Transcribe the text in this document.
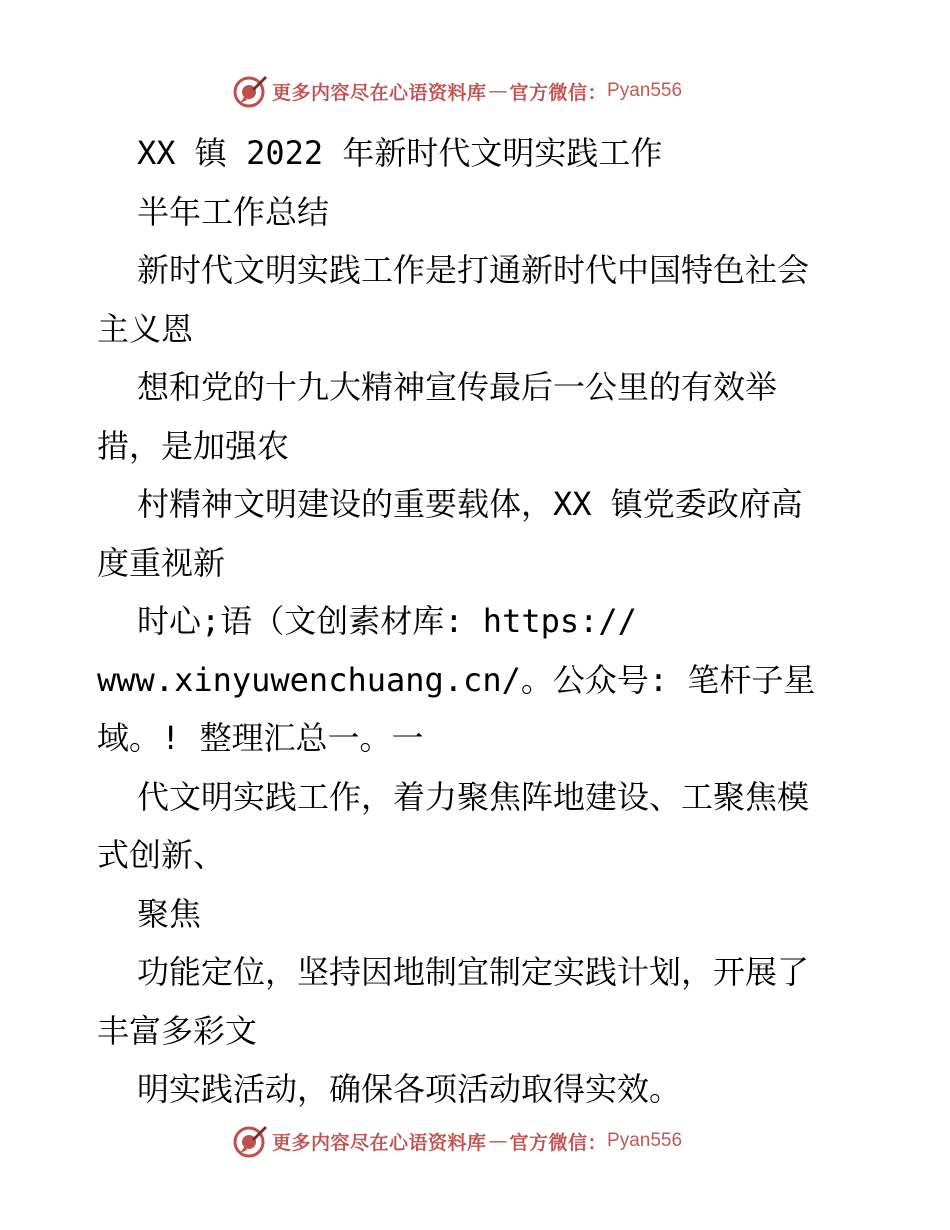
更多内容尽在心语资料库 — 官方微信： Pyan556
XX 镇 2022 年新时代文明实践工作
半年工作总结
新时代文明实践工作是打通新时代中国特色社会
主义恩
想和党的十九大精神宣传最后一公里的有效举
措，是加强农
村精神文明建设的重要载体，XX 镇党委政府高
度重视新
时心;语（文创素材库: https://
www.xinyuwenchuang.cn/。公众号: 笔杆子星
域。! 整理汇总一。一
代文明实践工作，着力聚焦阵地建设、工聚焦模
式创新、
聚焦
功能定位，坚持因地制宜制定实践计划，开展了
丰富多彩文
明实践活动，确保各项活动取得实效。
更多内容尽在心语资料库 — 官方微信： Pyan556
